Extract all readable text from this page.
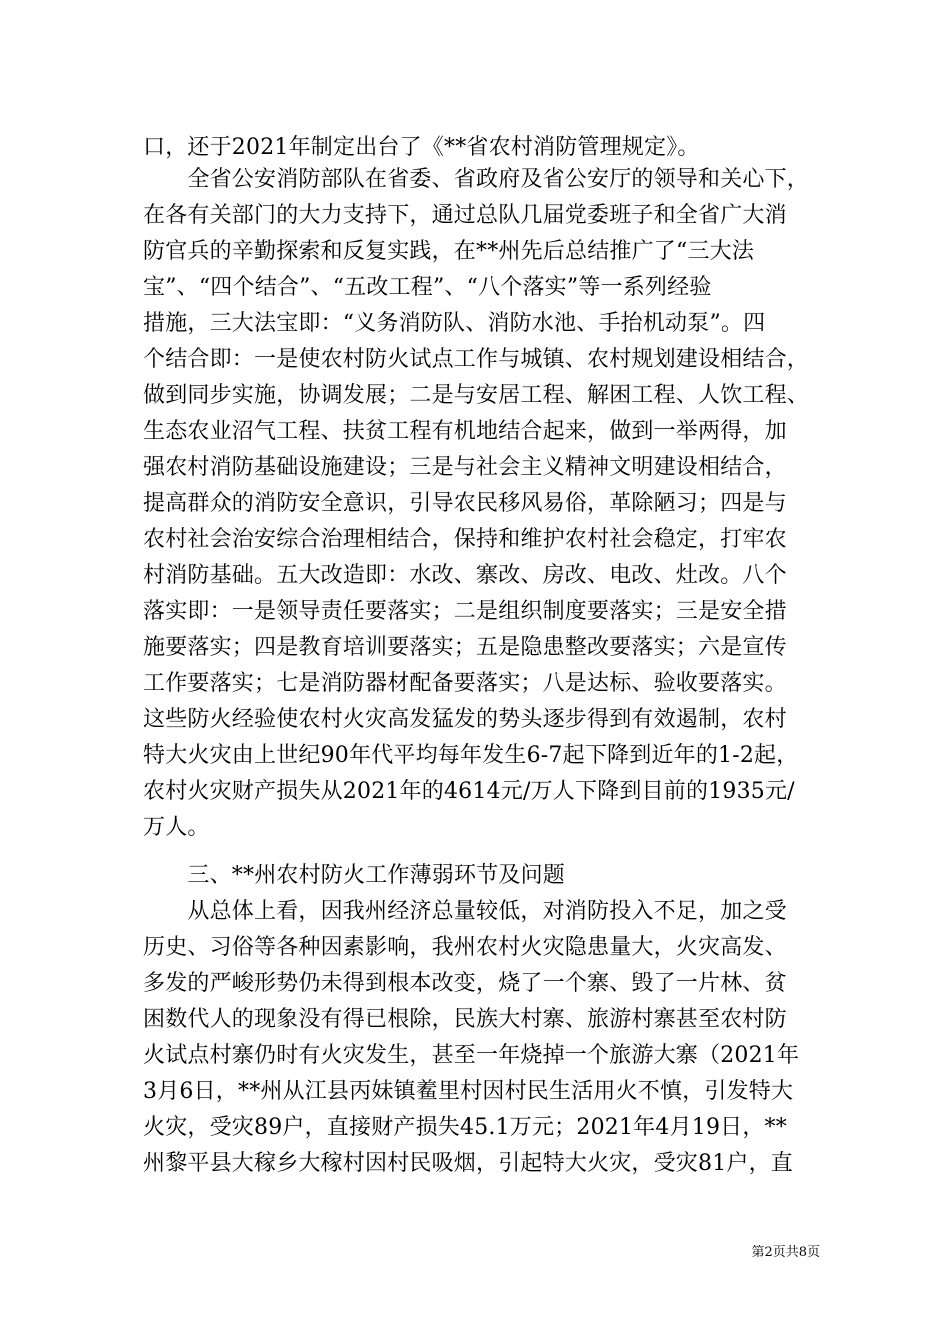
口，还于2021年制定出台了《**省农村消防管理规定》。
　　全省公安消防部队在省委、省政府及省公安厅的领导和关心下，
在各有关部门的大力支持下，通过总队几届党委班子和全省广大消
防官兵的辛勤探索和反复实践，在**州先后总结推广了“三大法
宝”、“四个结合”、“五改工程”、“八个落实”等一系列经验
措施，三大法宝即：“义务消防队、消防水池、手抬机动泵”。四
个结合即：一是使农村防火试点工作与城镇、农村规划建设相结合，
做到同步实施，协调发展；二是与安居工程、解困工程、人饮工程、
生态农业沼气工程、扶贫工程有机地结合起来，做到一举两得，加
强农村消防基础设施建设；三是与社会主义精神文明建设相结合，
提高群众的消防安全意识，引导农民移风易俗，革除陋习；四是与
农村社会治安综合治理相结合，保持和维护农村社会稳定，打牢农
村消防基础。五大改造即：水改、寨改、房改、电改、灶改。八个
落实即：一是领导责任要落实；二是组织制度要落实；三是安全措
施要落实；四是教育培训要落实；五是隐患整改要落实；六是宣传
工作要落实；七是消防器材配备要落实；八是达标、验收要落实。
这些防火经验使农村火灾高发猛发的势头逐步得到有效遏制，农村
特大火灾由上世纪90年代平均每年发生6-7起下降到近年的1-2起，
农村火灾财产损失从2021年的4614元/万人下降到目前的1935元/
万人。
　　三、**州农村防火工作薄弱环节及问题
　　从总体上看，因我州经济总量较低，对消防投入不足，加之受
历史、习俗等各种因素影响，我州农村火灾隐患量大，火灾高发、
多发的严峻形势仍未得到根本改变，烧了一个寨、毁了一片林、贫
困数代人的现象没有得已根除，民族大村寨、旅游村寨甚至农村防
火试点村寨仍时有火灾发生，甚至一年烧掉一个旅游大寨（2021年
3月6日，**州从江县丙妹镇鲝里村因村民生活用火不慎，引发特大
火灾，受灾89户，直接财产损失45.1万元；2021年4月19日，**
州黎平县大稼乡大稼村因村民吸烟，引起特大火灾，受灾81户，直
第2页共8页
